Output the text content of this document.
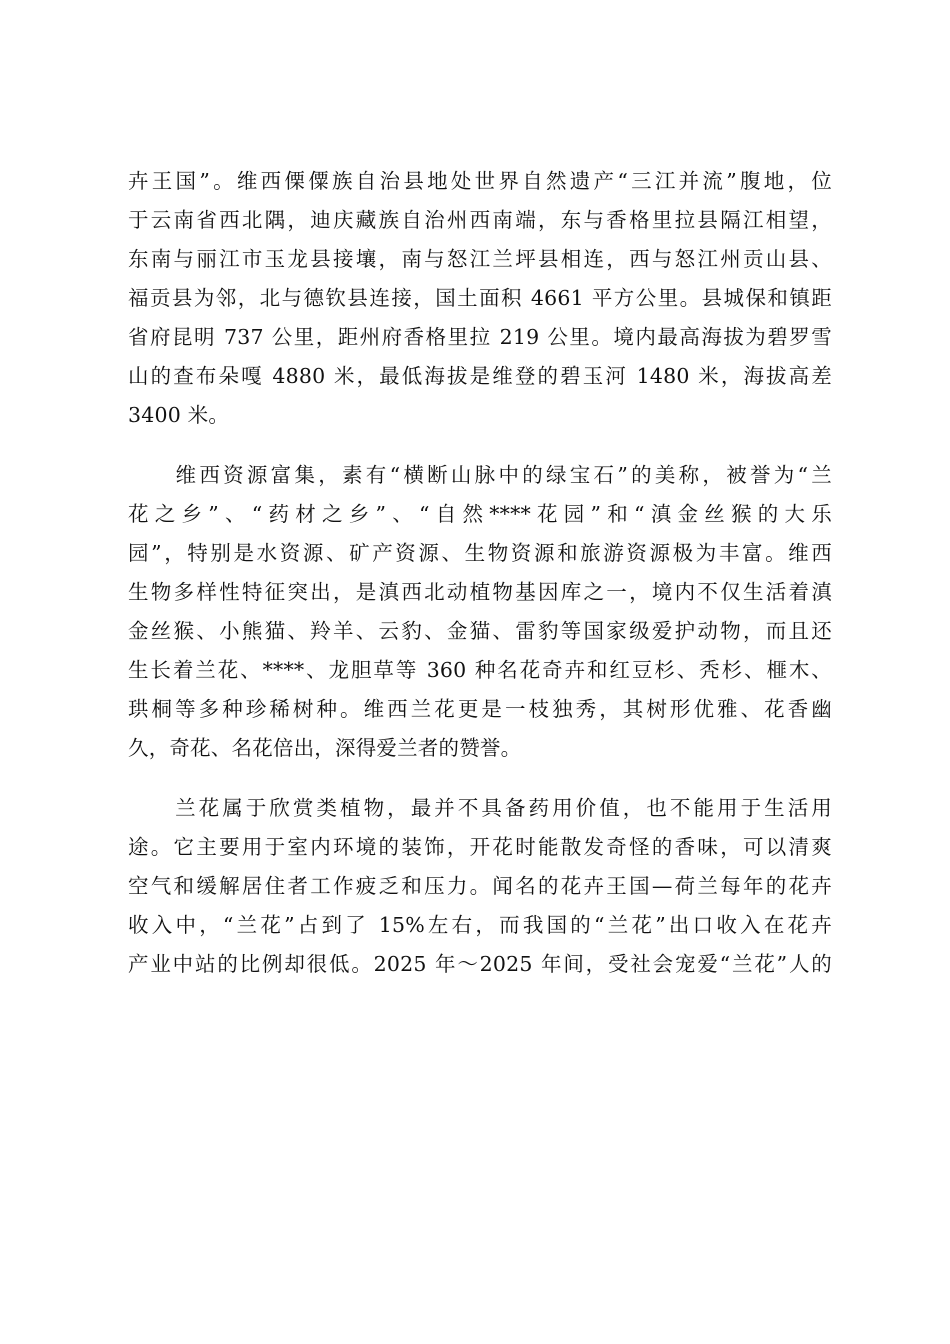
卉王国”。维西傈僳族自治县地处世界自然遗产“三江并流”腹地，位
于云南省西北隅，迪庆藏族自治州西南端，东与香格里拉县隔江相望，
东南与丽江市玉龙县接壤，南与怒江兰坪县相连，西与怒江州贡山县、
福贡县为邻，北与德钦县连接，国土面积 4661 平方公里。县城保和镇距
省府昆明 737 公里，距州府香格里拉 219 公里。境内最高海拔为碧罗雪
山的查布朵嘎 4880 米，最低海拔是维登的碧玉河 1480 米，海拔高差
3400 米。
　　维西资源富集，素有“横断山脉中的绿宝石”的美称，被誉为“兰
花之乡”、“药材之乡”、“自然****花园”和“滇金丝猴的大乐
园”，特别是水资源、矿产资源、生物资源和旅游资源极为丰富。维西
生物多样性特征突出，是滇西北动植物基因库之一，境内不仅生活着滇
金丝猴、小熊猫、羚羊、云豹、金猫、雷豹等国家级爱护动物，而且还
生长着兰花、****、龙胆草等 360 种名花奇卉和红豆杉、秃杉、榧木、
珙桐等多种珍稀树种。维西兰花更是一枝独秀，其树形优雅、花香幽
久，奇花、名花倍出，深得爱兰者的赞誉。
　　兰花属于欣赏类植物，最并不具备药用价值，也不能用于生活用
途。它主要用于室内环境的装饰，开花时能散发奇怪的香味，可以清爽
空气和缓解居住者工作疲乏和压力。闻名的花卉王国—荷兰每年的花卉
收入中，“兰花”占到了 15%左右，而我国的“兰花”出口收入在花卉
产业中站的比例却很低。2025 年～2025 年间，受社会宠爱“兰花”人的
